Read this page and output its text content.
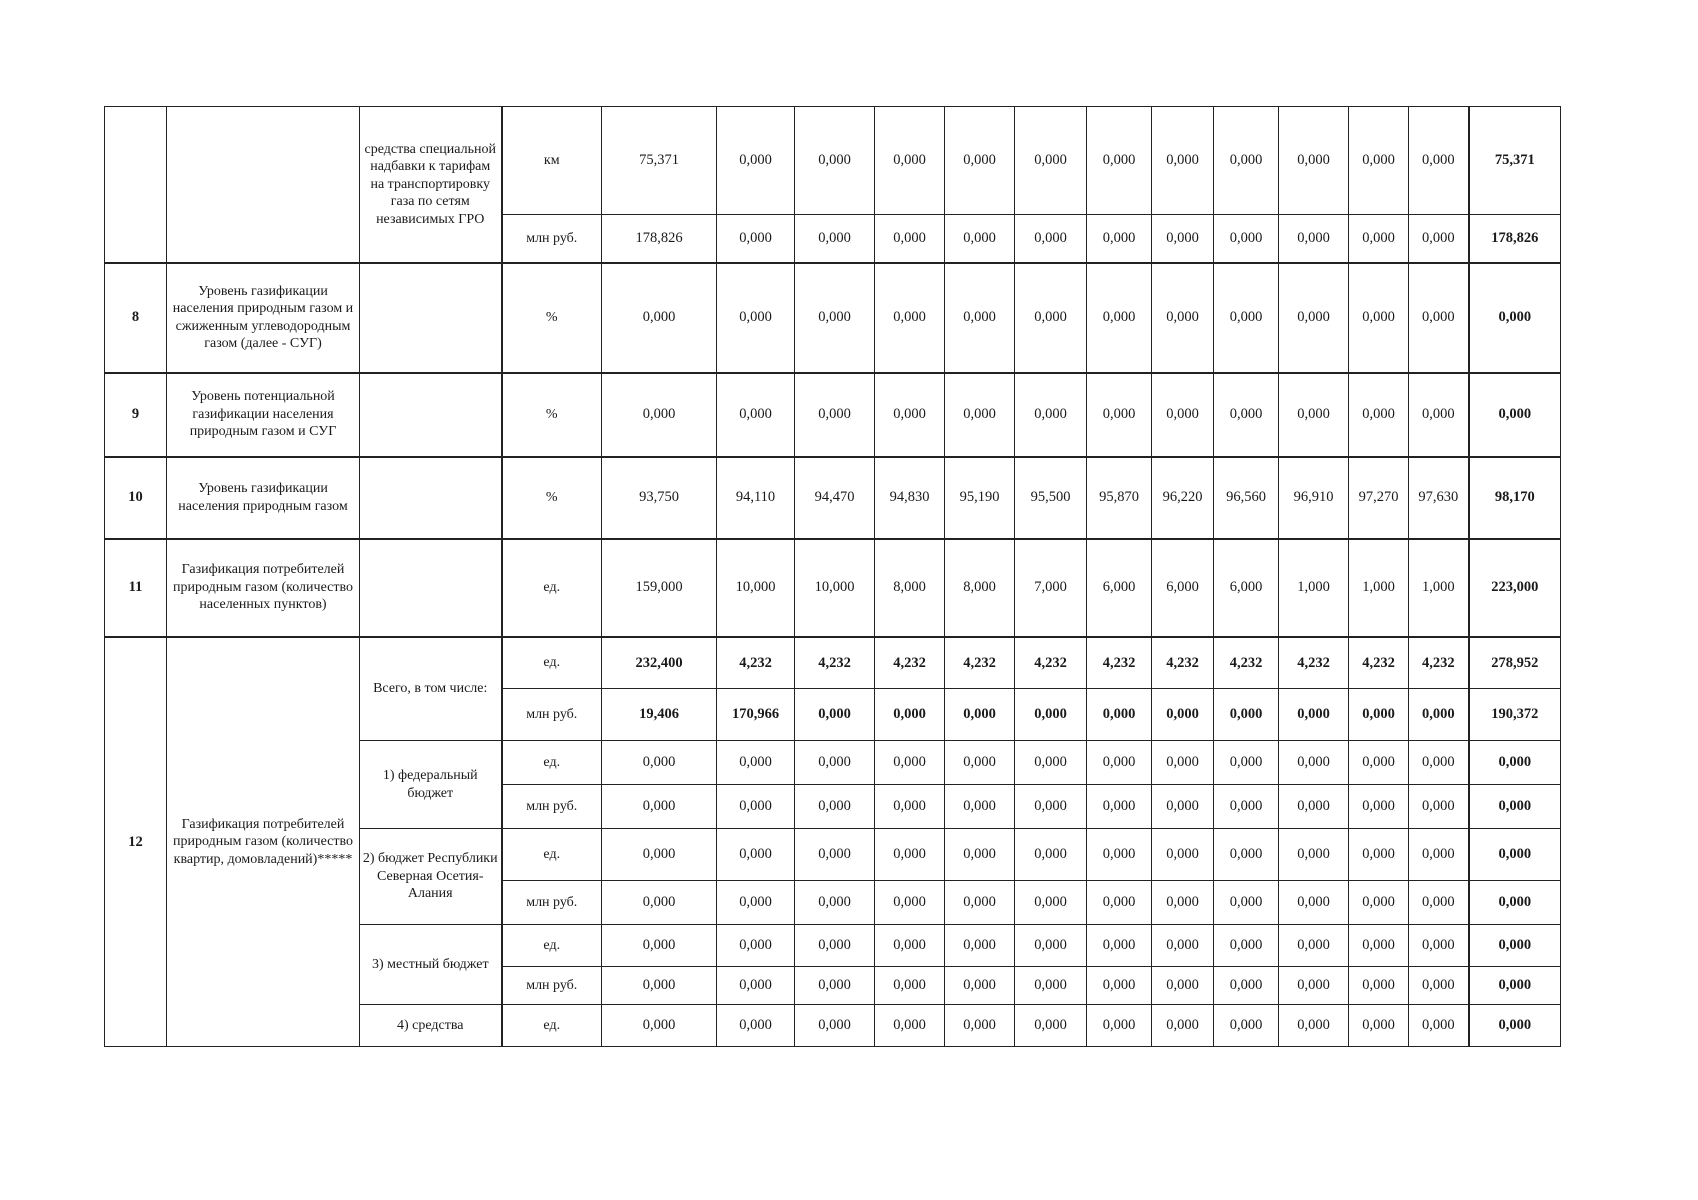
		средства специальной надбавки к тарифам на транспортировку газа по сетям независимых ГРО	км	75,371	0,000	0,000	0,000	0,000	0,000	0,000	0,000	0,000	0,000	0,000	0,000	75,371
			млн руб.	178,826	0,000	0,000	0,000	0,000	0,000	0,000	0,000	0,000	0,000	0,000	0,000	178,826
8	Уровень газификации населения природным газом и сжиженным углеводородным газом (далее - СУГ)		%	0,000	0,000	0,000	0,000	0,000	0,000	0,000	0,000	0,000	0,000	0,000	0,000	0,000
9	Уровень потенциальной газификации населения природным газом и СУГ		%	0,000	0,000	0,000	0,000	0,000	0,000	0,000	0,000	0,000	0,000	0,000	0,000	0,000
10	Уровень газификации населения природным газом		%	93,750	94,110	94,470	94,830	95,190	95,500	95,870	96,220	96,560	96,910	97,270	97,630	98,170
11	Газификация потребителей природным газом (количество населенных пунктов)		ед.	159,000	10,000	10,000	8,000	8,000	7,000	6,000	6,000	6,000	1,000	1,000	1,000	223,000
12	Газификация потребителей природным газом (количество квартир, домовладений)*****	Всего, в том числе:	ед.	232,400	4,232	4,232	4,232	4,232	4,232	4,232	4,232	4,232	4,232	4,232	4,232	278,952
			млн руб.	19,406	170,966	0,000	0,000	0,000	0,000	0,000	0,000	0,000	0,000	0,000	0,000	190,372
		1) федеральный бюджет	ед.	0,000	0,000	0,000	0,000	0,000	0,000	0,000	0,000	0,000	0,000	0,000	0,000	0,000
			млн руб.	0,000	0,000	0,000	0,000	0,000	0,000	0,000	0,000	0,000	0,000	0,000	0,000	0,000
		2) бюджет Республики Северная Осетия-Алания	ед.	0,000	0,000	0,000	0,000	0,000	0,000	0,000	0,000	0,000	0,000	0,000	0,000	0,000
			млн руб.	0,000	0,000	0,000	0,000	0,000	0,000	0,000	0,000	0,000	0,000	0,000	0,000	0,000
		3) местный бюджет	ед.	0,000	0,000	0,000	0,000	0,000	0,000	0,000	0,000	0,000	0,000	0,000	0,000	0,000
			млн руб.	0,000	0,000	0,000	0,000	0,000	0,000	0,000	0,000	0,000	0,000	0,000	0,000	0,000
		4) средства	ед.	0,000	0,000	0,000	0,000	0,000	0,000	0,000	0,000	0,000	0,000	0,000	0,000	0,000
